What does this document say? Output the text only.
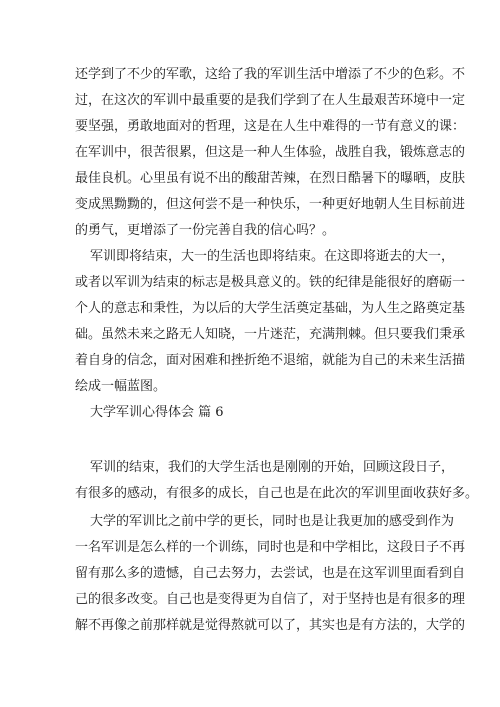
还学到了不少的军歌，这给了我的军训生活中增添了不少的色彩。不
过，在这次的军训中最重要的是我们学到了在人生最艰苦环境中一定
要坚强，勇敢地面对的哲理，这是在人生中难得的一节有意义的课：
在军训中，很苦很累，但这是一种人生体验，战胜自我，锻炼意志的
最佳良机。心里虽有说不出的酸甜苦辣，在烈日酷暑下的曝晒，皮肤
变成黑黝黝的，但这何尝不是一种快乐，一种更好地朝人生目标前进
的勇气，更增添了一份完善自我的信心吗？。
军训即将结束，大一的生活也即将结束。在这即将逝去的大一，
或者以军训为结束的标志是极具意义的。铁的纪律是能很好的磨砺一
个人的意志和秉性，为以后的大学生活奠定基础，为人生之路奠定基
础。虽然未来之路无人知晓，一片迷茫，充满荆棘。但只要我们秉承
着自身的信念，面对困难和挫折绝不退缩，就能为自己的未来生活描
绘成一幅蓝图。
大学军训心得体会 篇 6
军训的结束，我们的大学生活也是刚刚的开始，回顾这段日子，
有很多的感动，有很多的成长，自己也是在此次的军训里面收获好多。
大学的军训比之前中学的更长，同时也是让我更加的感受到作为
一名军训是怎么样的一个训练，同时也是和中学相比，这段日子不再
留有那么多的遗憾，自己去努力，去尝试，也是在这军训里面看到自
己的很多改变。自己也是变得更为自信了，对于坚持也是有很多的理
解不再像之前那样就是觉得熬就可以了，其实也是有方法的，大学的
